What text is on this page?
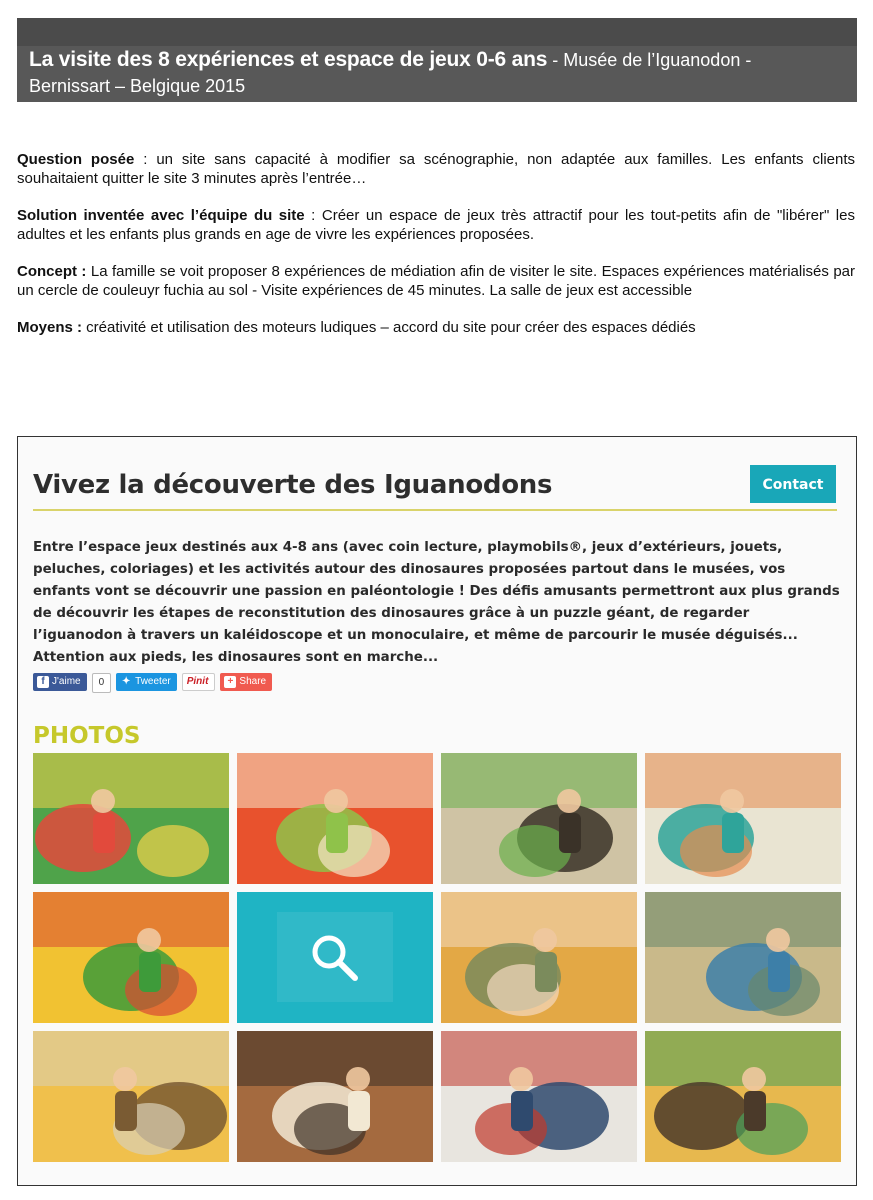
La visite des 8 expériences et espace de jeux 0-6 ans - Musée de l’Iguanodon -
Bernissart – Belgique 2015

Question posée : un site sans capacité à modifier sa scénographie, non adaptée aux familles. Les enfants clients souhaitaient quitter le site 3 minutes après l’entrée…

Solution inventée avec l’équipe du site : Créer un espace de jeux très attractif pour les tout-petits afin de "libérer" les adultes et les enfants plus grands en age de vivre les expériences proposées.

Concept : La famille se voit proposer 8 expériences de médiation afin de visiter le site. Espaces expériences matérialisés par un cercle de couleuyr fuchia au sol - Visite expériences de 45 minutes. La salle de jeux est accessible

Moyens : créativité et utilisation des moteurs ludiques – accord du site pour créer des espaces dédiés

Vivez la découverte des Iguanodons	Contact
Entre l’espace jeux destinés aux 4-8 ans (avec coin lecture, playmobils®, jeux d’extérieurs, jouets, peluches, coloriages) et les activités autour des dinosaures proposées partout dans le musées, vos enfants vont se découvrir une passion en paléontologie ! Des défis amusants permettront aux plus grands de découvrir les étapes de reconstitution des dinosaures grâce à un puzzle géant, de regarder l’iguanodon à travers un kaléidoscope et un monoculaire, et même de parcourir le musée déguisés... Attention aux pieds, les dinosaures sont en marche...
f J'aime	0	✦ Tweeter	Pinit	+ Share
PHOTOS
